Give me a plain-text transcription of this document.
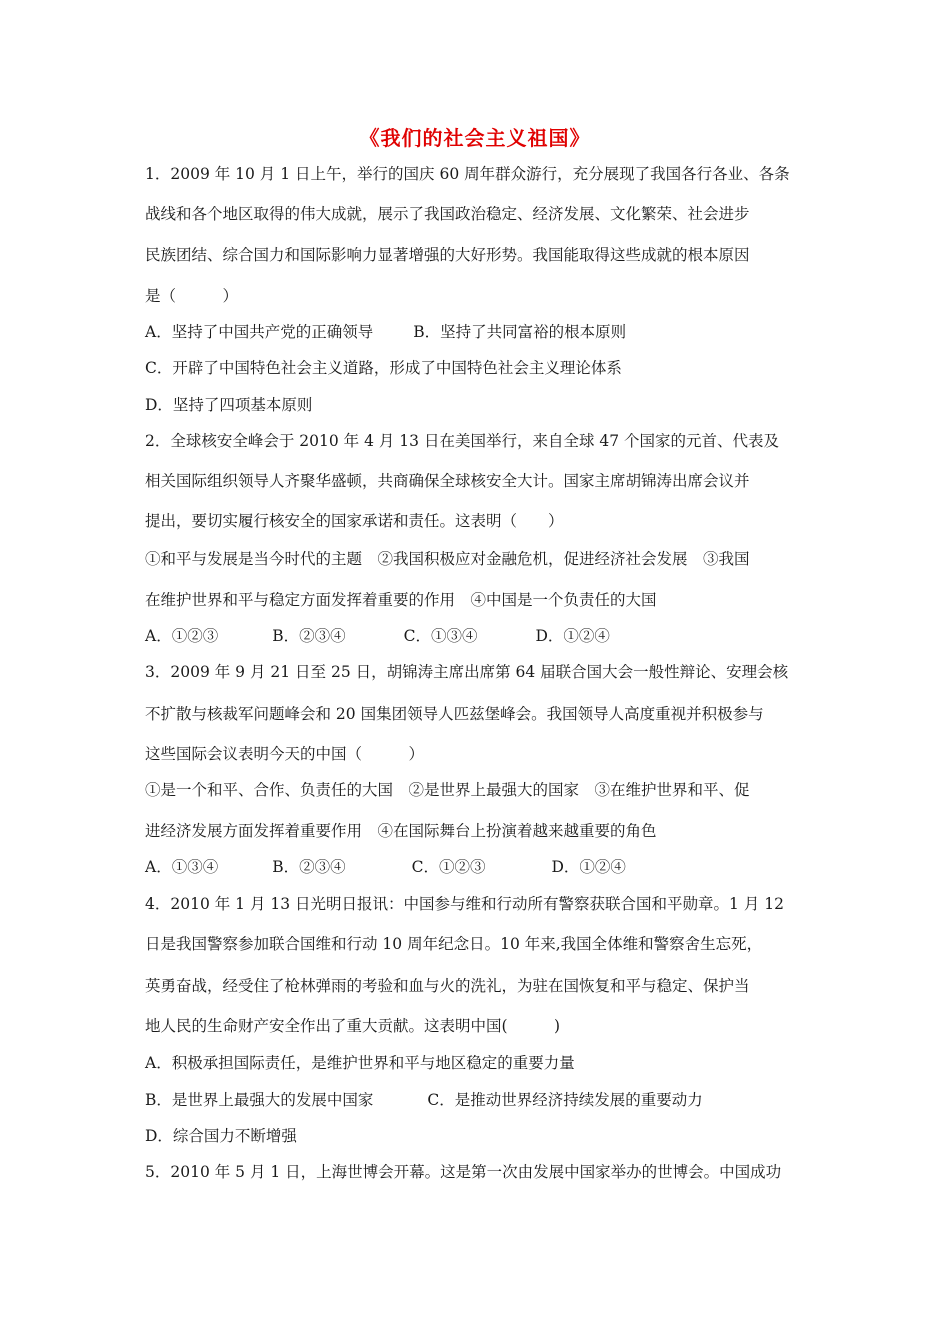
《我们的社会主义祖国》
1．2009 年 10 月 1 日上午，举行的国庆 60 周年群众游行，充分展现了我国各行各业、各条
战线和各个地区取得的伟大成就，展示了我国政治稳定、经济发展、文化繁荣、社会进步
民族团结、综合国力和国际影响力显著增强的大好形势。我国能取得这些成就的根本原因
是（　　　）
A．坚持了中国共产党的正确领导	B．坚持了共同富裕的根本原则
C．开辟了中国特色社会主义道路，形成了中国特色社会主义理论体系
D．坚持了四项基本原则
2．全球核安全峰会于 2010 年 4 月 13 日在美国举行，来自全球 47 个国家的元首、代表及
相关国际组织领导人齐聚华盛顿，共商确保全球核安全大计。国家主席胡锦涛出席会议并
提出，要切实履行核安全的国家承诺和责任。这表明（　　）
①和平与发展是当今时代的主题　②我国积极应对金融危机，促进经济社会发展　③我国
在维护世界和平与稳定方面发挥着重要的作用　④中国是一个负责任的大国
A．①②③	B．②③④	C．①③④	D．①②④
3．2009 年 9 月 21 日至 25 日，胡锦涛主席出席第 64 届联合国大会一般性辩论、安理会核
不扩散与核裁军问题峰会和 20 国集团领导人匹兹堡峰会。我国领导人高度重视并积极参与
这些国际会议表明今天的中国（　　　）
①是一个和平、合作、负责任的大国　②是世界上最强大的国家　③在维护世界和平、促
进经济发展方面发挥着重要作用　④在国际舞台上扮演着越来越重要的角色
A．①③④	B．②③④	C．①②③	D．①②④
4．2010 年 1 月 13 日光明日报讯：中国参与维和行动所有警察获联合国和平勋章。1 月 12
日是我国警察参加联合国维和行动 10 周年纪念日。10 年来,我国全体维和警察舍生忘死，
英勇奋战，经受住了枪林弹雨的考验和血与火的洗礼，为驻在国恢复和平与稳定、保护当
地人民的生命财产安全作出了重大贡献。这表明中国(　　　)
A．积极承担国际责任，是维护世界和平与地区稳定的重要力量
B．是世界上最强大的发展中国家	C．是推动世界经济持续发展的重要动力
D．综合国力不断增强
5．2010 年 5 月 1 日，上海世博会开幕。这是第一次由发展中国家举办的世博会。中国成功
